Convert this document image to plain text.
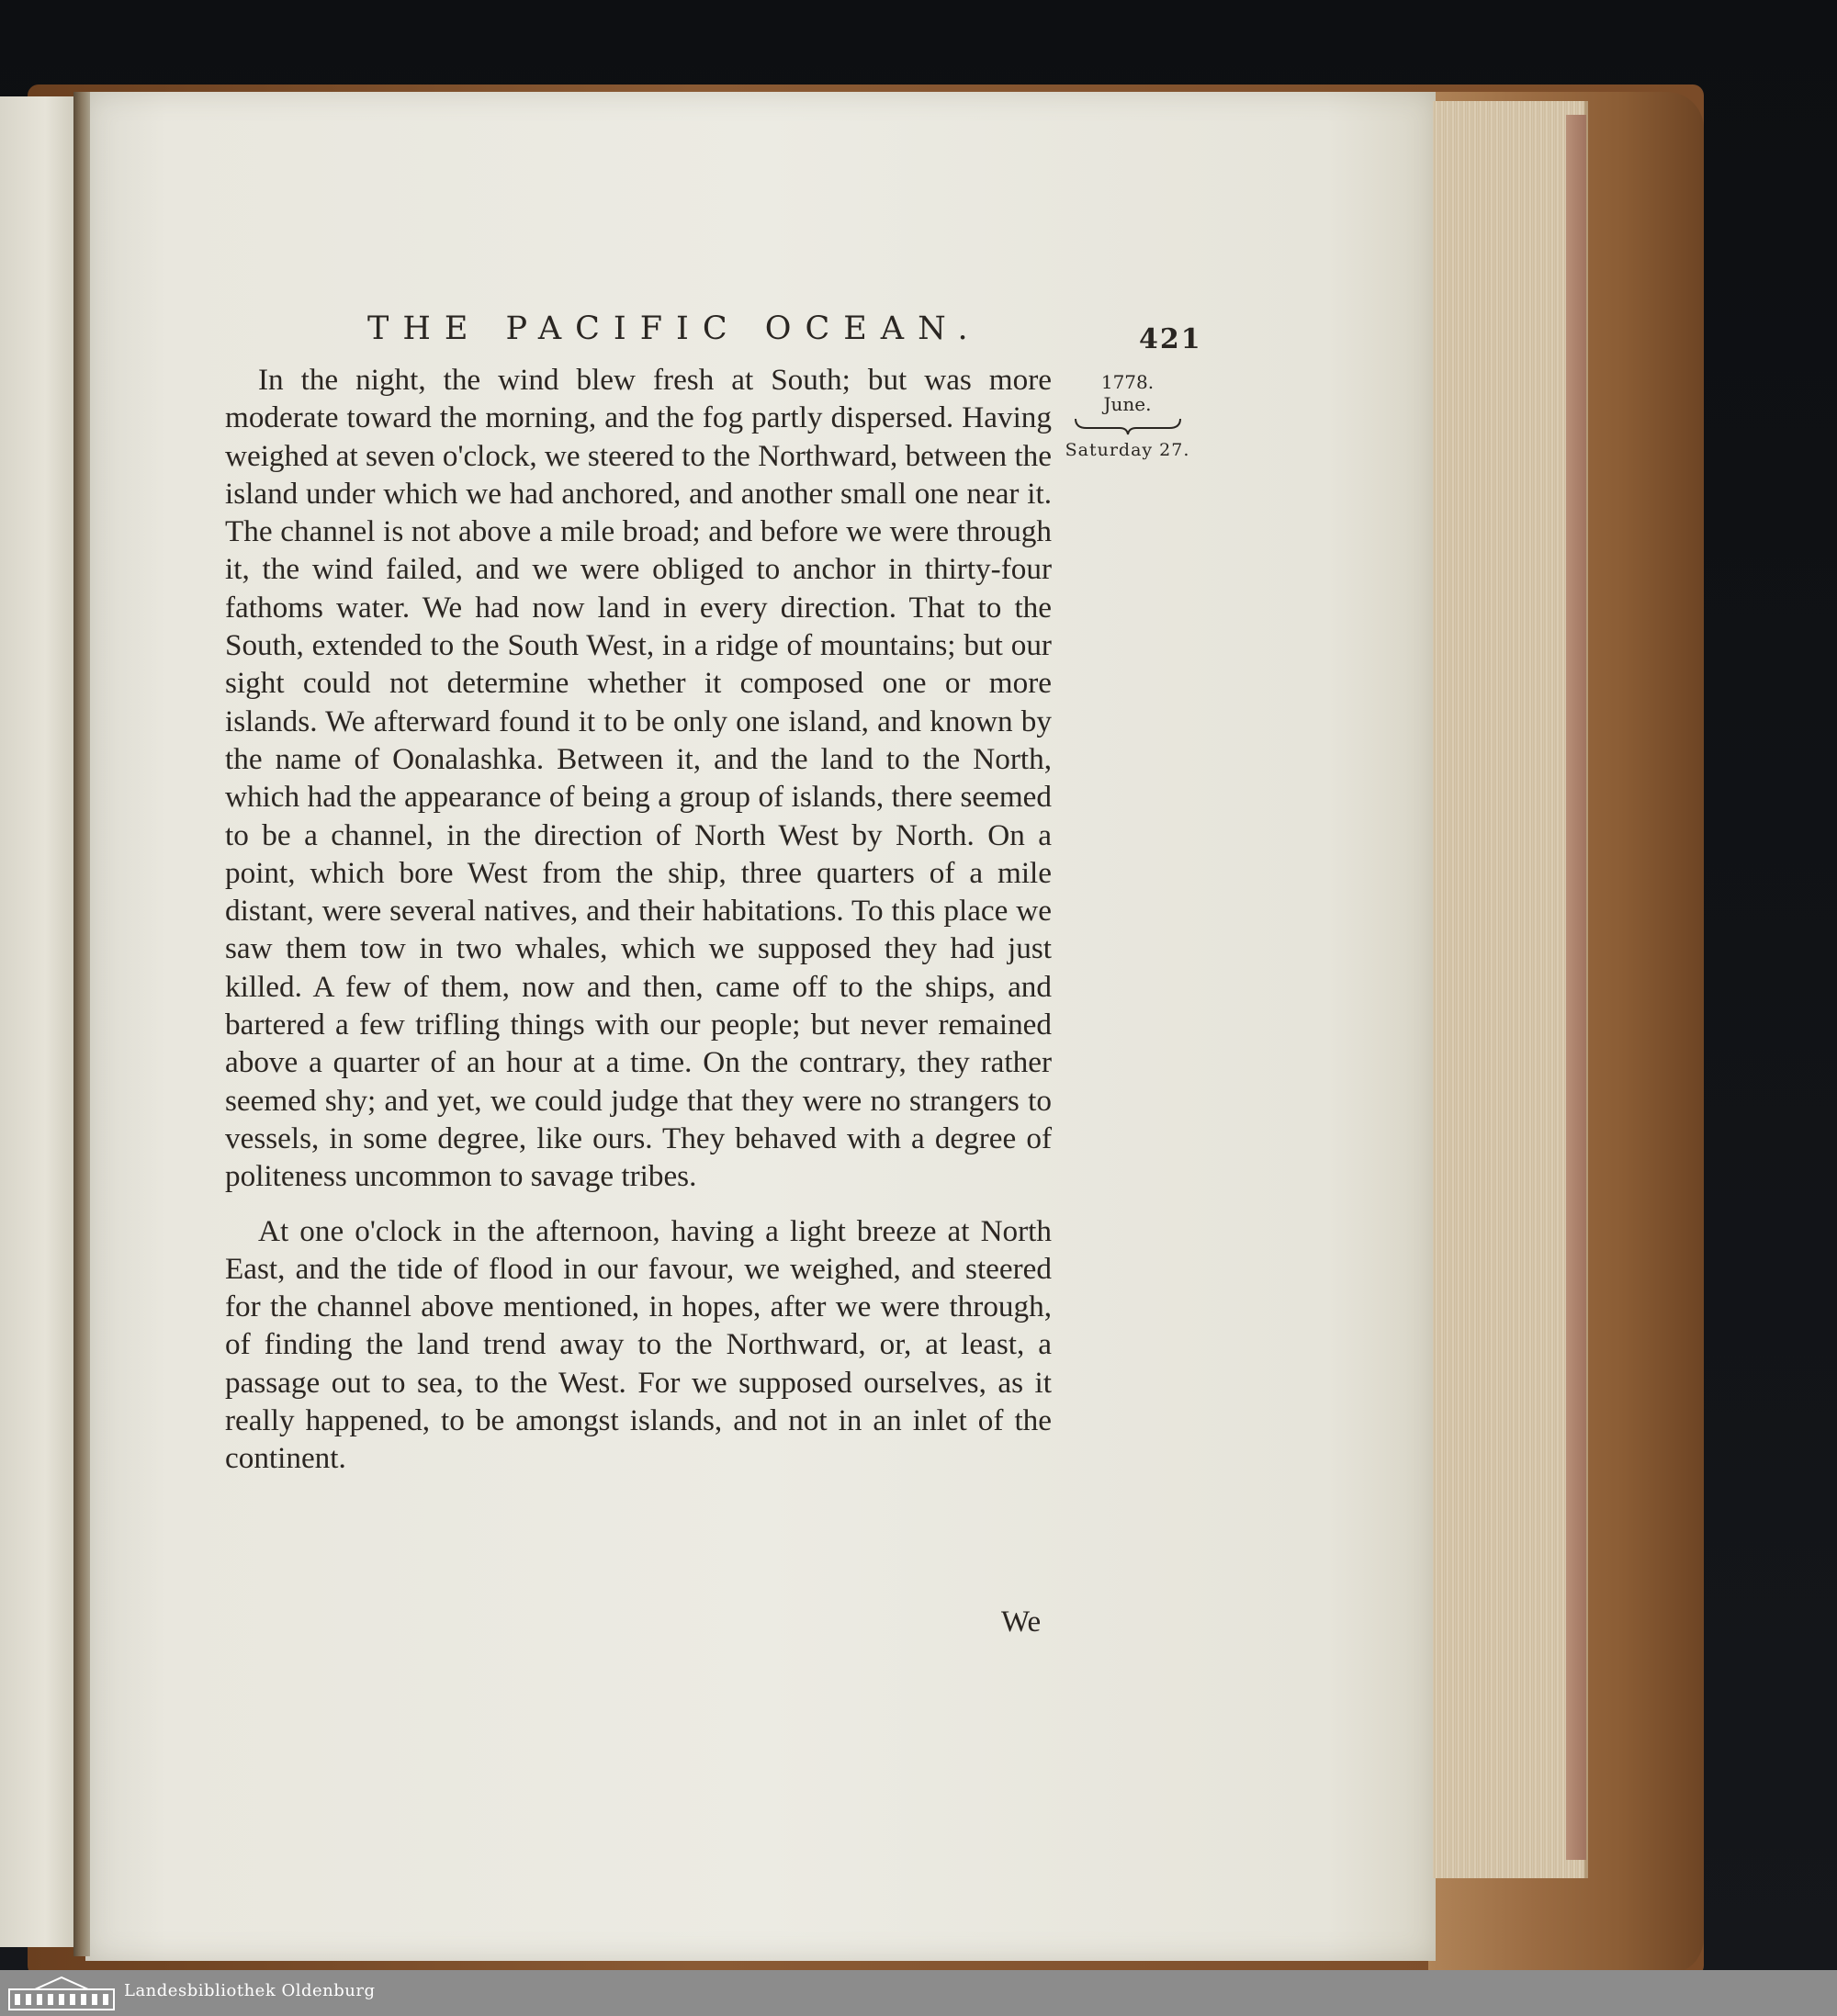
THE PACIFIC OCEAN.	421
1778.
June.
Saturday 27.

In the night, the wind blew fresh at South; but was more moderate toward the morning, and the fog partly dispersed. Having weighed at seven o'clock, we steered to the Northward, between the island under which we had anchored, and another small one near it. The channel is not above a mile broad; and before we were through it, the wind failed, and we were obliged to anchor in thirty-four fathoms water. We had now land in every direction. That to the South, extended to the South West, in a ridge of mountains; but our sight could not determine whether it composed one or more islands. We afterward found it to be only one island, and known by the name of Oonalashka. Between it, and the land to the North, which had the appearance of being a group of islands, there seemed to be a channel, in the direction of North West by North. On a point, which bore West from the ship, three quarters of a mile distant, were several natives, and their habitations. To this place we saw them tow in two whales, which we supposed they had just killed. A few of them, now and then, came off to the ships, and bartered a few trifling things with our people; but never remained above a quarter of an hour at a time. On the contrary, they rather seemed shy; and yet, we could judge that they were no strangers to vessels, in some degree, like ours. They behaved with a degree of politeness uncommon to savage tribes.

At one o'clock in the afternoon, having a light breeze at North East, and the tide of flood in our favour, we weighed, and steered for the channel above mentioned, in hopes, after we were through, of finding the land trend away to the Northward, or, at least, a passage out to sea, to the West. For we supposed ourselves, as it really happened, to be amongst islands, and not in an inlet of the continent.

We
Landesbibliothek Oldenburg
